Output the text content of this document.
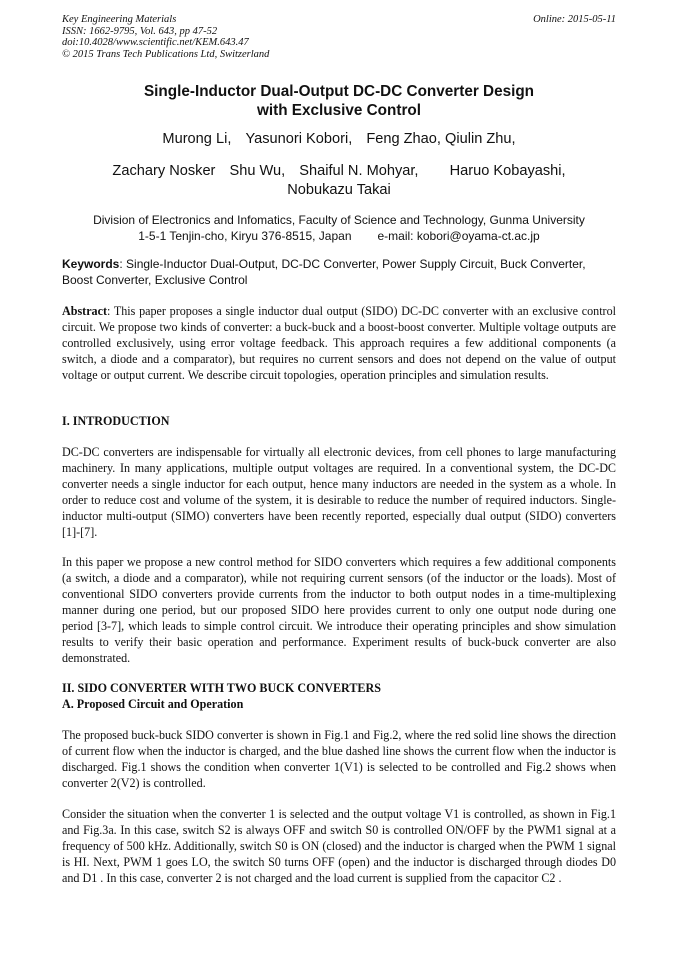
Key Engineering Materials
ISSN: 1662-9795, Vol. 643, pp 47-52
doi:10.4028/www.scientific.net/KEM.643.47
© 2015 Trans Tech Publications Ltd, Switzerland
Online: 2015-05-11
Single-Inductor Dual-Output DC-DC Converter Design
with Exclusive Control
Murong Li, Yasunori Kobori, Feng Zhao, Qiulin Zhu,
Zachary Nosker Shu Wu, Shaiful N. Mohyar, Haruo Kobayashi,
Nobukazu Takai
Division of Electronics and Infomatics, Faculty of Science and Technology, Gunma University
1-5-1 Tenjin-cho, Kiryu 376-8515, Japan e-mail: kobori@oyama-ct.ac.jp
Keywords: Single-Inductor Dual-Output, DC-DC Converter, Power Supply Circuit, Buck Converter, Boost Converter, Exclusive Control
Abstract: This paper proposes a single inductor dual output (SIDO) DC-DC converter with an exclusive control circuit. We propose two kinds of converter: a buck-buck and a boost-boost converter. Multiple voltage outputs are controlled exclusively, using error voltage feedback. This approach requires a few additional components (a switch, a diode and a comparator), but requires no current sensors and does not depend on the value of output voltage or output current. We describe circuit topologies, operation principles and simulation results.
I. INTRODUCTION
DC-DC converters are indispensable for virtually all electronic devices, from cell phones to large manufacturing machinery. In many applications, multiple output voltages are required. In a conventional system, the DC-DC converter needs a single inductor for each output, hence many inductors are needed in the system as a whole. In order to reduce cost and volume of the system, it is desirable to reduce the number of required inductors. Single-inductor multi-output (SIMO) converters have been recently reported, especially dual output (SIDO) converters [1]-[7].
In this paper we propose a new control method for SIDO converters which requires a few additional components (a switch, a diode and a comparator), while not requiring current sensors (of the inductor or the loads). Most of conventional SIDO converters provide currents from the inductor to both output nodes in a time-multiplexing manner during one period, but our proposed SIDO here provides current to only one output node during one period [3-7], which leads to simple control circuit. We introduce their operating principles and show simulation results to verify their basic operation and performance. Experiment results of buck-buck converter are also demonstrated.
II. SIDO CONVERTER WITH TWO BUCK CONVERTERS
A. Proposed Circuit and Operation
The proposed buck-buck SIDO converter is shown in Fig.1 and Fig.2, where the red solid line shows the direction of current flow when the inductor is charged, and the blue dashed line shows the current flow when the inductor is discharged. Fig.1 shows the condition when converter 1(V1) is selected to be controlled and Fig.2 shows when converter 2(V2) is controlled.
Consider the situation when the converter 1 is selected and the output voltage V1 is controlled, as shown in Fig.1 and Fig.3a. In this case, switch S2 is always OFF and switch S0 is controlled ON/OFF by the PWM1 signal at a frequency of 500 kHz. Additionally, switch S0 is ON (closed) and the inductor is charged when the PWM 1 signal is HI. Next, PWM 1 goes LO, the switch S0 turns OFF (open) and the inductor is discharged through diodes D0 and D1 . In this case, converter 2 is not charged and the load current is supplied from the capacitor C2 .
